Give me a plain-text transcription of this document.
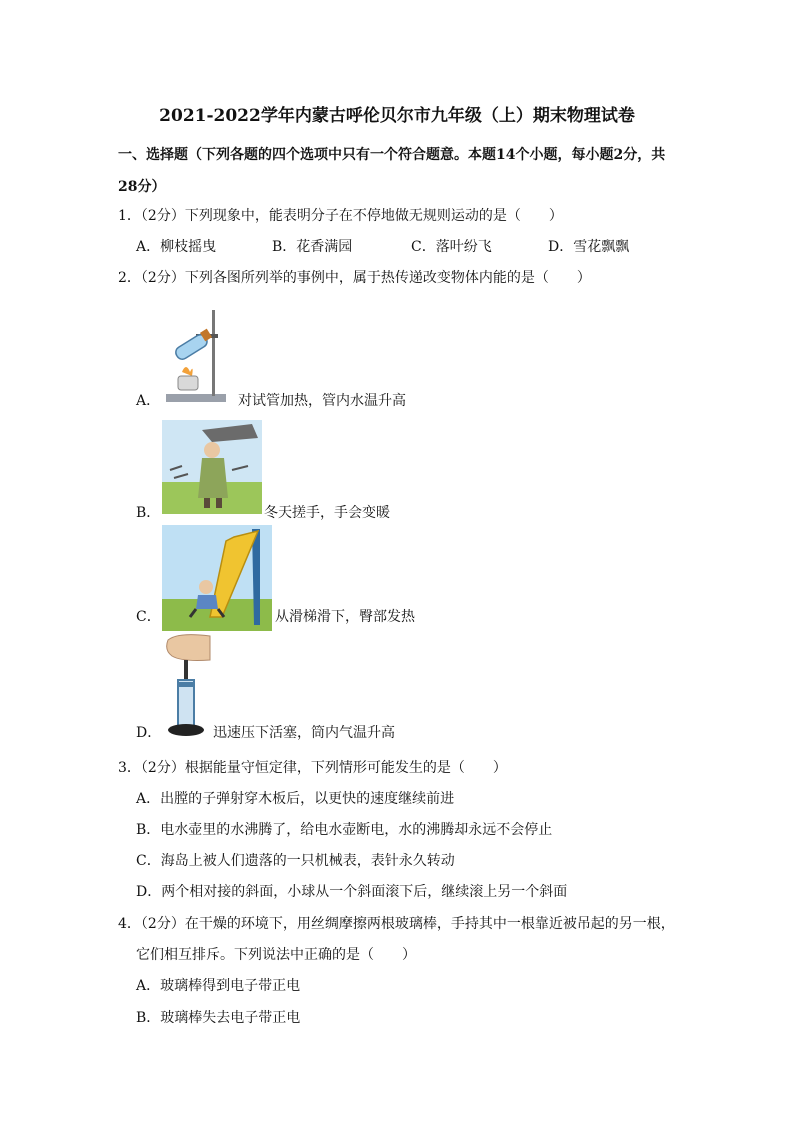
2021-2022学年内蒙古呼伦贝尔市九年级（上）期末物理试卷
一、选择题（下列各题的四个选项中只有一个符合题意。本题14个小题，每小题2分，共
28分）
1．（2分）下列现象中，能表明分子在不停地做无规则运动的是（　　）
A．柳枝摇曳	B．花香满园	C．落叶纷飞	D．雪花飘飘
2．（2分）下列各图所列举的事例中，属于热传递改变物体内能的是（　　）
A．	对试管加热，管内水温升高
B．	冬天搓手，手会变暖
C．	从滑梯滑下，臀部发热
D．	迅速压下活塞，筒内气温升高
3．（2分）根据能量守恒定律，下列情形可能发生的是（　　）
A．出膛的子弹射穿木板后，以更快的速度继续前进
B．电水壶里的水沸腾了，给电水壶断电，水的沸腾却永远不会停止
C．海岛上被人们遗落的一只机械表，表针永久转动
D．两个相对接的斜面，小球从一个斜面滚下后，继续滚上另一个斜面
4．（2分）在干燥的环境下，用丝绸摩擦两根玻璃棒，手持其中一根靠近被吊起的另一根，
它们相互排斥。下列说法中正确的是（　　）
A．玻璃棒得到电子带正电
B．玻璃棒失去电子带正电
